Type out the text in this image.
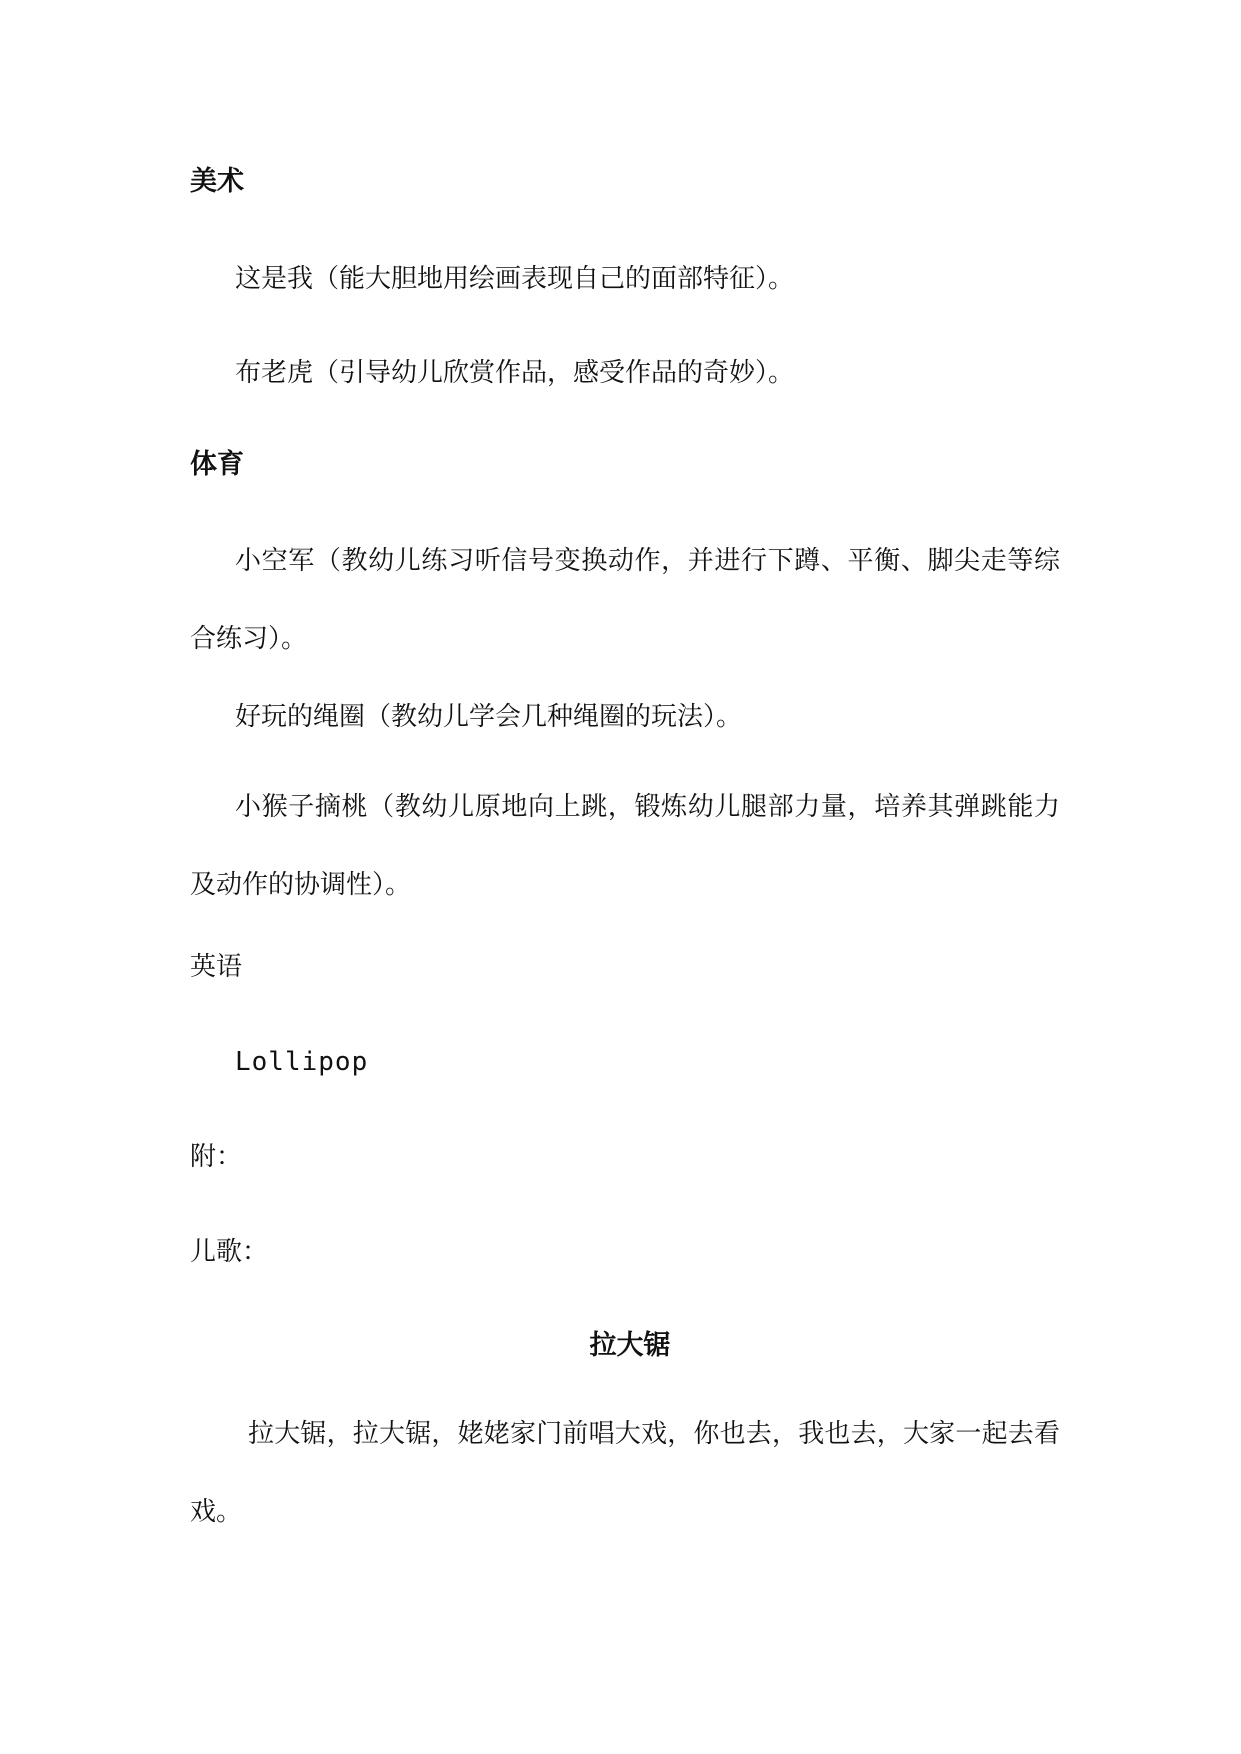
美术
这是我（能大胆地用绘画表现自己的面部特征）。
布老虎（引导幼儿欣赏作品，感受作品的奇妙）。
体育
小空军（教幼儿练习听信号变换动作，并进行下蹲、平衡、脚尖走等综合练习）。
好玩的绳圈（教幼儿学会几种绳圈的玩法）。
小猴子摘桃（教幼儿原地向上跳，锻炼幼儿腿部力量，培养其弹跳能力及动作的协调性）。
英语
Lollipop
附：
儿歌：
拉大锯
拉大锯，拉大锯，姥姥家门前唱大戏，你也去，我也去，大家一起去看戏。
